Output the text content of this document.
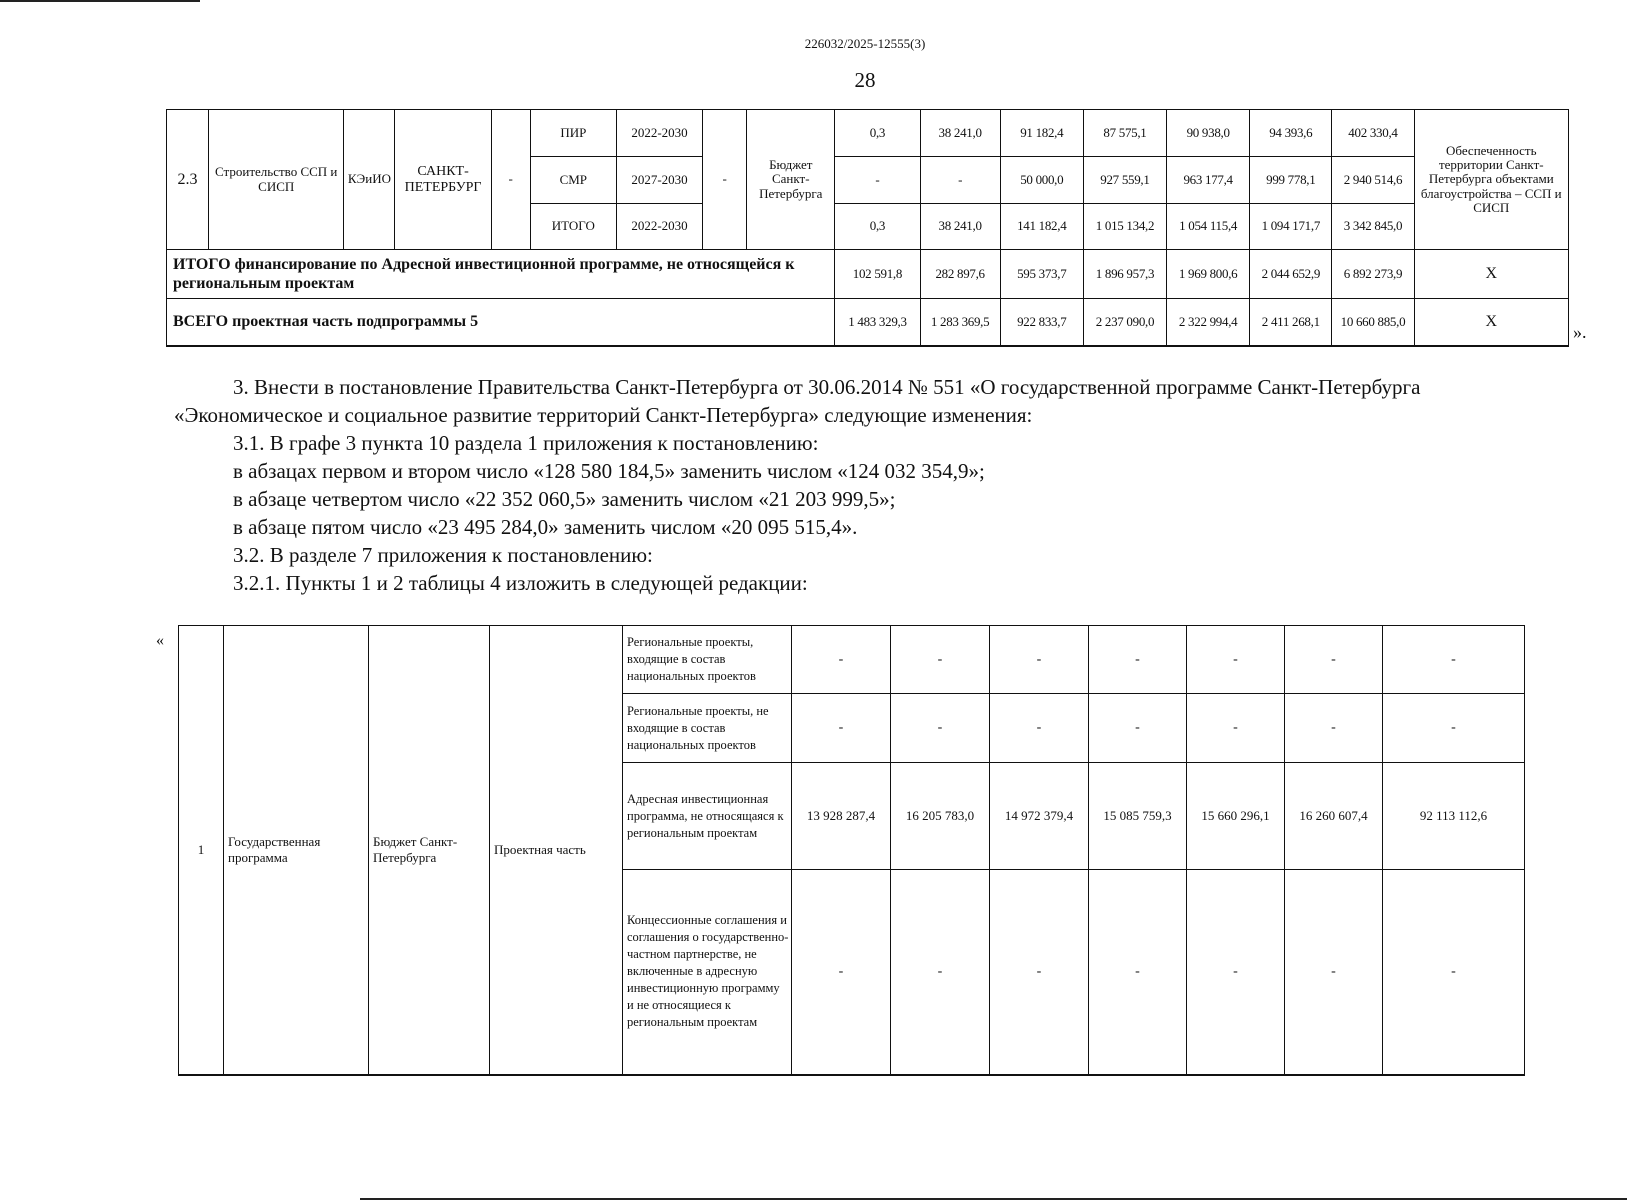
226032/2025-12555(3)
28
2.3	Строительство ССП и СИСП	КЭиИО	САНКТ-ПЕТЕРБУРГ	-	ПИР	2022-2030	-	Бюджет Санкт-Петербурга	0,3	38 241,0	91 182,4	87 575,1	90 938,0	94 393,6	402 330,4	Обеспеченность территории Санкт-Петербурга объектами благоустройства – ССП и СИСП
					СМР	2027-2030			-	-	50 000,0	927 559,1	963 177,4	999 778,1	2 940 514,6	
					ИТОГО	2022-2030			0,3	38 241,0	141 182,4	1 015 134,2	1 054 115,4	1 094 171,7	3 342 845,0	
ИТОГО финансирование по Адресной инвестиционной программе, не относящейся к региональным проектам									102 591,8	282 897,6	595 373,7	1 896 957,3	1 969 800,6	2 044 652,9	6 892 273,9	Х
ВСЕГО проектная часть подпрограммы 5									1 483 329,3	1 283 369,5	922 833,7	2 237 090,0	2 322 994,4	2 411 268,1	10 660 885,0	Х
».
3. Внести в постановление Правительства Санкт-Петербурга от 30.06.2014 № 551 «О государственной программе Санкт-Петербурга
«Экономическое и социальное развитие территорий Санкт-Петербурга» следующие изменения:
3.1. В графе 3 пункта 10 раздела 1 приложения к постановлению:
в абзацах первом и втором число «128 580 184,5» заменить числом «124 032 354,9»;
в абзаце четвертом число «22 352 060,5» заменить числом «21 203 999,5»;
в абзаце пятом число «23 495 284,0» заменить числом «20 095 515,4».
3.2. В разделе 7 приложения к постановлению:
3.2.1. Пункты 1 и 2 таблицы 4 изложить в следующей редакции:
«
1	Государственная программа	Бюджет Санкт-Петербурга	Проектная часть	Региональные проекты, входящие в состав национальных проектов	-	-	-	-	-	-	-
				Региональные проекты, не входящие в состав национальных проектов	-	-	-	-	-	-	-
				Адресная инвестиционная программа, не относящаяся к региональным проектам	13 928 287,4	16 205 783,0	14 972 379,4	15 085 759,3	15 660 296,1	16 260 607,4	92 113 112,6
				Концессионные соглашения и соглашения о государственно-частном партнерстве, не включенные в адресную инвестиционную программу и не относящиеся к региональным проектам	-	-	-	-	-	-	-
